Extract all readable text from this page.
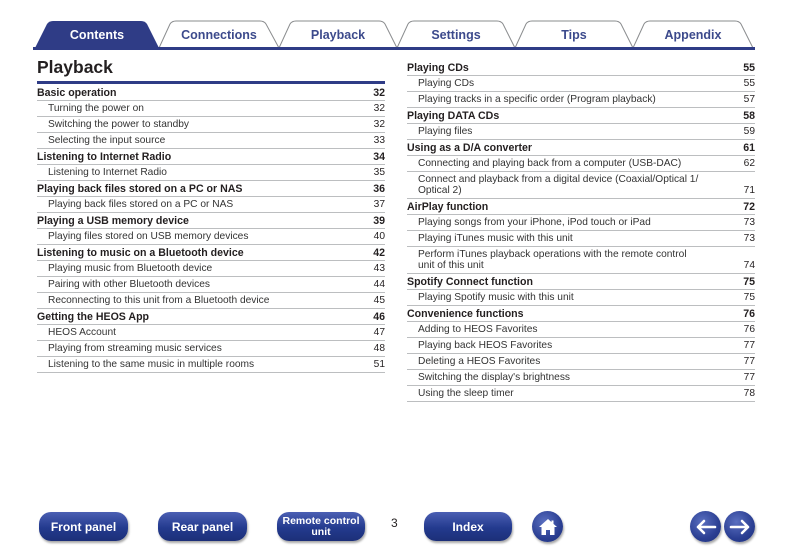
Contents	Connections	Playback	Settings	Tips	Appendix
Playback
Basic operation	32
Turning the power on	32
Switching the power to standby	32
Selecting the input source	33
Listening to Internet Radio	34
Listening to Internet Radio	35
Playing back files stored on a PC or NAS	36
Playing back files stored on a PC or NAS	37
Playing a USB memory device	39
Playing files stored on USB memory devices	40
Listening to music on a Bluetooth device	42
Playing music from Bluetooth device	43
Pairing with other Bluetooth devices	44
Reconnecting to this unit from a Bluetooth device	45
Getting the HEOS App	46
HEOS Account	47
Playing from streaming music services	48
Listening to the same music in multiple rooms	51
Playing CDs	55
Playing CDs	55
Playing tracks in a specific order (Program playback)	57
Playing DATA CDs	58
Playing files	59
Using as a D/A converter	61
Connecting and playing back from a computer (USB-DAC)	62
Connect and playback from a digital device (Coaxial/Optical 1/ Optical 2)	71
AirPlay function	72
Playing songs from your iPhone, iPod touch or iPad	73
Playing iTunes music with this unit	73
Perform iTunes playback operations with the remote control unit of this unit	74
Spotify Connect function	75
Playing Spotify music with this unit	75
Convenience functions	76
Adding to HEOS Favorites	76
Playing back HEOS Favorites	77
Deleting a HEOS Favorites	77
Switching the display's brightness	77
Using the sleep timer	78
Front panel	Rear panel	Remote control
unit
3	Index
